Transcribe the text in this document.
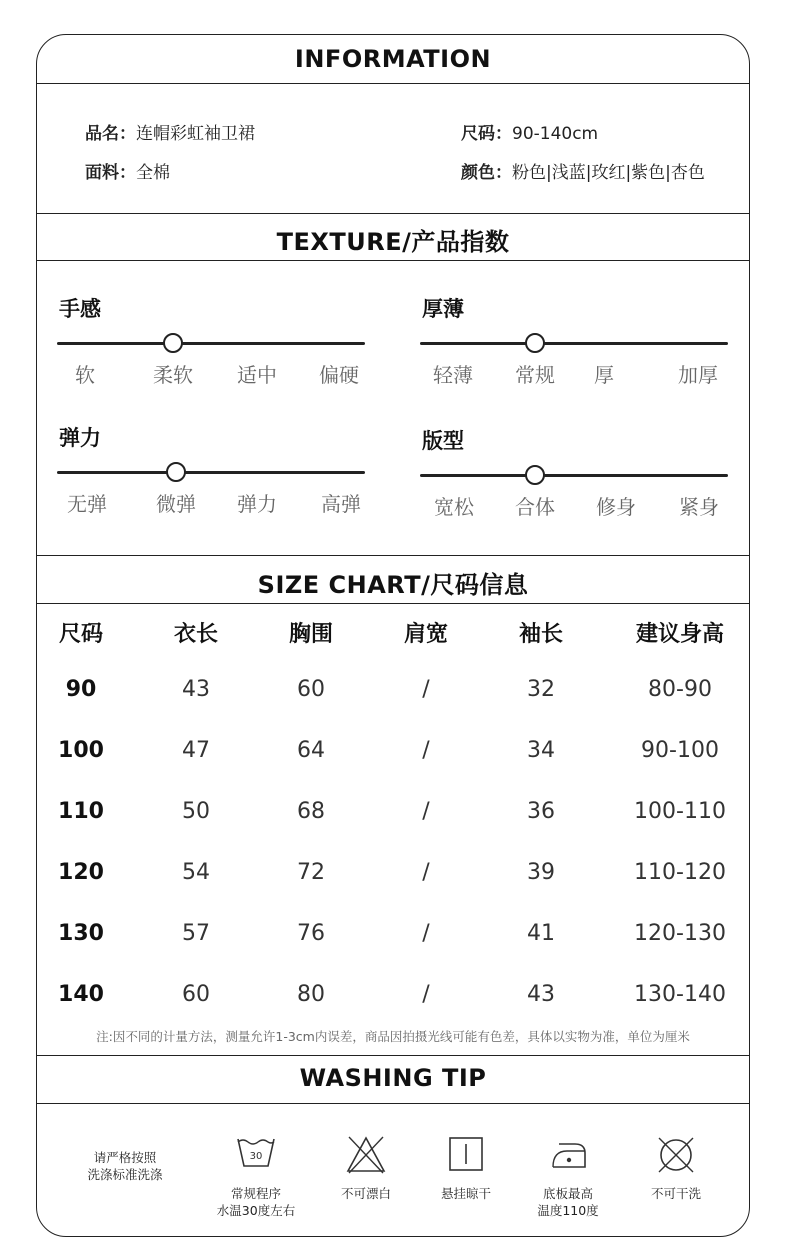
INFORMATION
品名：连帽彩虹袖卫裙	尺码：90-140cm
面料：全棉	颜色：粉色|浅蓝|玫红|紫色|杏色
TEXTURE/产品指数
手感
软	柔软	适中	偏硬
厚薄
轻薄	常规	厚	加厚
弹力
无弹	微弹	弹力	高弹
版型
宽松	合体	修身	紧身
SIZE CHART/尺码信息
尺码	衣长	胸围	肩宽	袖长	建议身高
90	43	60	/	32	80-90
100	47	64	/	34	90-100
110	50	68	/	36	100-110
120	54	72	/	39	110-120
130	57	76	/	41	120-130
140	60	80	/	43	130-140
注:因不同的计量方法，测量允许1-3cm内误差，商品因拍摄光线可能有色差，具体以实物为准，单位为厘米
WASHING TIP
请严格按照
洗涤标准洗涤
30
常规程序
水温30度左右
不可漂白	悬挂晾干	底板最高
温度110度
不可干洗
